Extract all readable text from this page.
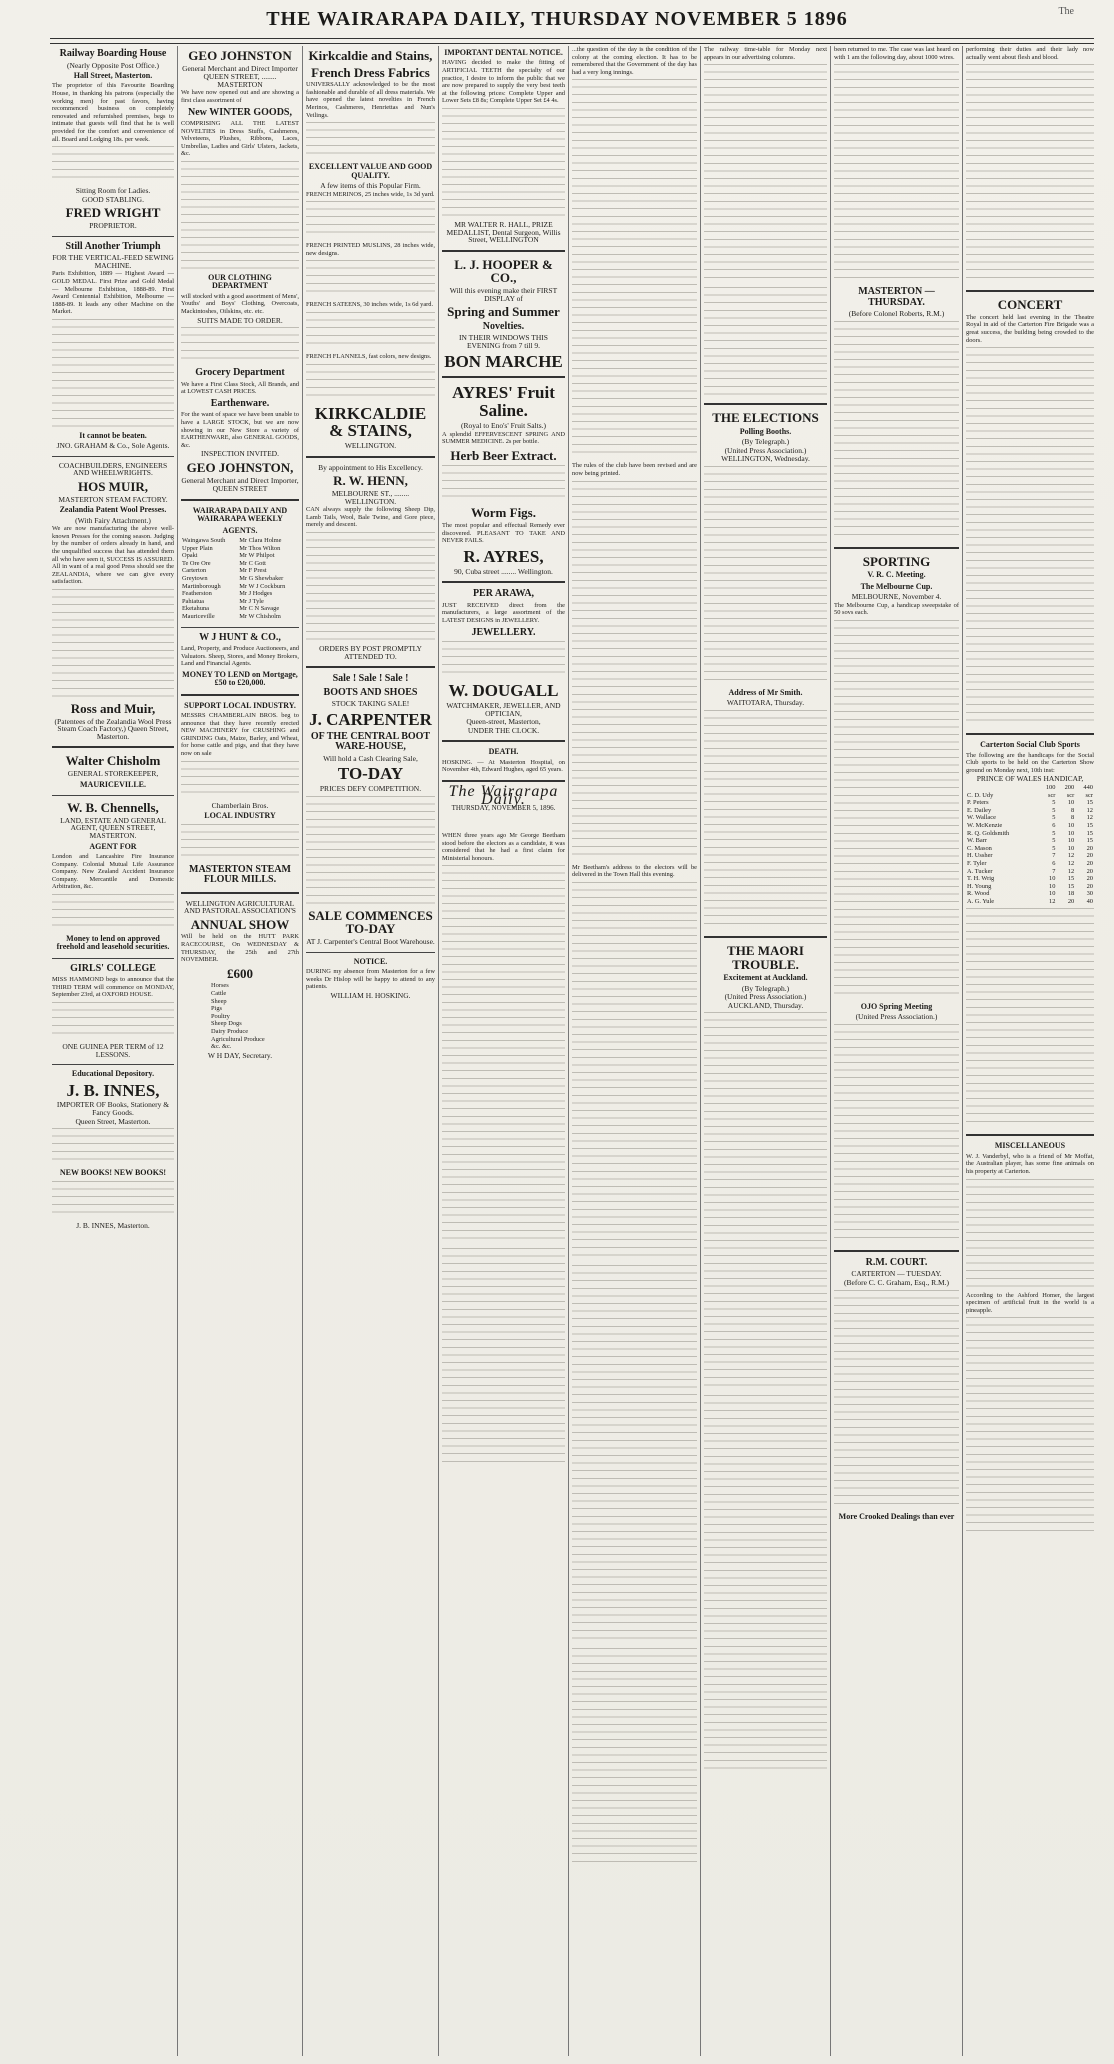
THE WAIRARAPA DAILY, THURSDAY NOVEMBER 5 1896	The
Railway Boarding House
(Nearly Opposite Post Office.)
Hall Street, Masterton.

The proprietor of this Favourite Boarding House, in thanking his patrons (especially the working men) for past favors, having recommenced business on completely renovated and refurnished premises, begs to intimate that guests will find that he is well provided for the comfort and convenience of all. Board and Lodging 18s. per week.

Sitting Room for Ladies.
GOOD STABLING.
FRED WRIGHT
PROPRIETOR.
Still Another Triumph
FOR THE VERTICAL-FEED SEWING MACHINE.

Paris Exhibition, 1889 — Highest Award — GOLD MEDAL. First Prize and Gold Medal — Melbourne Exhibition, 1888-89. First Award Centennial Exhibition, Melbourne — 1888-89. It leads any other Machine on the Market.

It cannot be beaten.
JNO. GRAHAM & Co., Sole Agents.
COACHBUILDERS, ENGINEERS AND WHEELWRIGHTS.
HOS MUIR,
MASTERTON STEAM FACTORY.
Zealandia Patent Wool Presses.
(With Fairy Attachment.)

We are now manufacturing the above well-known Presses for the coming season. Judging by the number of orders already in hand, and the unqualified success that has attended them all who have seen it, SUCCESS IS ASSURED. All in want of a real good Press should see the ZEALANDIA, where we can give every satisfaction.

Ross and Muir,
(Patentees of the Zealandia Wool Press Steam Coach Factory,) Queen Street, Masterton.
Walter Chisholm
GENERAL STOREKEEPER,
MAURICEVILLE.
W. B. Chennells,
LAND, ESTATE AND GENERAL AGENT, QUEEN STREET, MASTERTON.
AGENT FOR

London and Lancashire Fire Insurance Company. Colonial Mutual Life Assurance Company. New Zealand Accident Insurance Company. Mercantile and Domestic Arbitration, &c.

Money to lend on approved freehold and leasehold securities.
GIRLS' COLLEGE

MISS HAMMOND begs to announce that the THIRD TERM will commence on MONDAY, September 23rd, at OXFORD HOUSE.

ONE GUINEA PER TERM of 12 LESSONS.
Educational Depository.
J. B. INNES,
IMPORTER OF Books, Stationery & Fancy Goods.
Queen Street, Masterton.
NEW BOOKS! NEW BOOKS!
J. B. INNES, Masterton.
GEO JOHNSTON
General Merchant and Direct Importer
QUEEN STREET, ........ MASTERTON

We have now opened out and are showing a first class assortment of

New WINTER GOODS,

COMPRISING ALL THE LATEST NOVELTIES in Dress Stuffs, Cashmeres, Velveteens, Plushes, Ribbons, Laces, Umbrellas, Ladies and Girls' Ulsters, Jackets, &c.

OUR CLOTHING DEPARTMENT

will stocked with a good assortment of Mens', Youths' and Boys' Clothing, Overcoats, Mackintoshes, Oilskins, etc. etc.

SUITS MADE TO ORDER.
Grocery Department

We have a First Class Stock, All Brands, and at LOWEST CASH PRICES.

Earthenware.

For the want of space we have been unable to have a LARGE STOCK, but we are now showing in our New Store a variety of EARTHENWARE, also GENERAL GOODS, &c.

INSPECTION INVITED.
GEO JOHNSTON,
General Merchant and Direct Importer,
QUEEN STREET
WAIRARAPA DAILY AND WAIRARAPA WEEKLY
AGENTS.
Waingawa South	Mr Clara Holme
Upper Plain	Mr Thos Wilton
Opaki	Mr W Philpot
Te Ore Ore	Mr C Gott
Carterton	Mr F Prest
Greytown	Mr G Shewbaker
Martinborough	Mr W J Cockburn
Featherston	Mr J Hodges
Pahiatua	Mr J Tyle
Eketahuna	Mr C N Savage
Mauriceville	Mr W Chisholm
W J HUNT & CO.,

Land, Property, and Produce Auctioneers, and Valuators. Sheep, Stores, and Money Brokers, Land and Financial Agents.

MONEY TO LEND on Mortgage, £50 to £20,000.
SUPPORT LOCAL INDUSTRY.

MESSRS CHAMBERLAIN BROS. beg to announce that they have recently erected NEW MACHINERY for CRUSHING and GRINDING Oats, Maize, Barley, and Wheat, for horse cattle and pigs, and that they have now on sale

Chamberlain Bros.
LOCAL INDUSTRY
MASTERTON STEAM FLOUR MILLS.
WELLINGTON AGRICULTURAL AND PASTORAL ASSOCIATION'S
ANNUAL SHOW

Will be held on the HUTT PARK RACECOURSE, On WEDNESDAY & THURSDAY, the 25th and 27th NOVEMBER.

£600
Horses
Cattle
Sheep
Pigs
Poultry
Sheep Dogs
Dairy Produce
Agricultural Produce
&c. &c.
W H DAY, Secretary.
Kirkcaldie and Stains,
French Dress Fabrics

UNIVERSALLY acknowledged to be the most fashionable and durable of all dress materials. We have opened the latest novelties in French Merinos, Cashmeres, Henriettas and Nun's Veilings.

EXCELLENT VALUE AND GOOD QUALITY.
A few items of this Popular Firm.

FRENCH MERINOS, 25 inches wide, 1s 3d yard.

FRENCH PRINTED MUSLINS, 28 inches wide, new designs.

FRENCH SATEENS, 30 inches wide, 1s 6d yard.

FRENCH FLANNELS, fast colors, new designs.

KIRKCALDIE & STAINS,
WELLINGTON.
By appointment to His Excellency.
R. W. HENN,
MELBOURNE ST., ........ WELLINGTON.

CAN always supply the following Sheep Dip, Lamb Tails, Wool, Bale Twine, and Gore piece, merely and descent.

ORDERS BY POST PROMPTLY ATTENDED TO.
Sale ! Sale ! Sale !
BOOTS AND SHOES
STOCK TAKING SALE!
J. CARPENTER
OF THE CENTRAL BOOT WARE-HOUSE,
Will hold a Cash Clearing Sale,
TO-DAY
PRICES DEFY COMPETITION.
SALE COMMENCES TO-DAY
AT J. Carpenter's Central Boot Warehouse.
NOTICE.

DURING my absence from Masterton for a few weeks Dr Hislop will be happy to attend to any patients.

WILLIAM H. HOSKING.
IMPORTANT DENTAL NOTICE.

HAVING decided to make the fitting of ARTIFICIAL TEETH the specialty of our practice, I desire to inform the public that we are now prepared to supply the very best teeth at the following prices: Complete Upper and Lower Sets £8 8s; Complete Upper Set £4 4s.

MR WALTER R. HALL, PRIZE MEDALLIST, Dental Surgeon, Willis Street, WELLINGTON
L. J. HOOPER & CO.,
Will this evening make their FIRST DISPLAY of
Spring and Summer
Novelties.
IN THEIR WINDOWS THIS EVENING from 7 till 9.
BON MARCHE
AYRES' Fruit Saline.
(Royal to Eno's' Fruit Salts.)

A splendid EFFERVESCENT SPRING AND SUMMER MEDICINE. 2s per bottle.

Herb Beer Extract.
Worm Figs.

The most popular and effectual Remedy ever discovered. PLEASANT TO TAKE AND NEVER FAILS.

R. AYRES,
90, Cuba street ........ Wellington.
PER ARAWA,

JUST RECEIVED direct from the manufacturers, a large assortment of the LATEST DESIGNS in JEWELLERY.

JEWELLERY.
W. DOUGALL
WATCHMAKER, JEWELLER, AND OPTICIAN,
Queen-street, Masterton,
UNDER THE CLOCK.
DEATH.

HOSKING. — At Masterton Hospital, on November 4th, Edward Hughes, aged 65 years.

The Wairarapa Daily.
THURSDAY, NOVEMBER 5, 1896.

WHEN three years ago Mr George Beetham stood before the electors as a candidate, it was considered that he had a first claim for Ministerial honours.

...the question of the day is the condition of the colony at the coming election. It has to be remembered that the Government of the day has had a very long innings.

The rules of the club have been revised and are now being printed.

Mr Beetham's address to the electors will be delivered in the Town Hall this evening.

The railway time-table for Monday next appears in our advertising columns.

THE ELECTIONS
Polling Booths.
(By Telegraph.)
(United Press Association.)
WELLINGTON, Wednesday.
Address of Mr Smith.
WAITOTARA, Thursday.
THE MAORI TROUBLE.
Excitement at Auckland.
(By Telegraph.)
(United Press Association.)
AUCKLAND, Thursday.

been returned to me. The case was last heard on with 1 am the following day, about 1000 wires.

MASTERTON — THURSDAY.
(Before Colonel Roberts, R.M.)
SPORTING
V. R. C. Meeting.
The Melbourne Cup.
MELBOURNE, November 4.

The Melbourne Cup, a handicap sweepstake of 50 sovs each.

OJO Spring Meeting
(United Press Association.)
R.M. COURT.
CARTERTON — TUESDAY.
(Before C. C. Graham, Esq., R.M.)
More Crooked Dealings than ever

performing their duties and their lady now actually went about flesh and blood.

CONCERT

The concert held last evening in the Theatre Royal in aid of the Carterton Fire Brigade was a great success, the building being crowded to the doors.

Carterton Social Club Sports

The following are the handicaps for the Social Club sports to be held on the Carterton Show ground on Monday next, 10th inst:

PRINCE OF WALES HANDICAP,
	100	200	440
C. D. Udy	scr	scr	scr
P. Peters	5	10	15
E. Dailey	5	8	12
W. Wallace	5	8	12
W. McKenzie	6	10	15
R. Q. Goldsmith	5	10	15
W. Barr	5	10	15
C. Mason	5	10	20
H. Ussher	7	12	20
F. Tyler	6	12	20
A. Tucker	7	12	20
T. H. Wrig	10	15	20
H. Young	10	15	20
R. Wood	10	18	30
A. G. Yule	12	20	40
MISCELLANEOUS

W. J. Vanderbyl, who is a friend of Mr Moffat, the Australian player, has some fine animals on his property at Carterton.

According to the Ashford Homer, the largest specimen of artificial fruit in the world is a pineapple.
